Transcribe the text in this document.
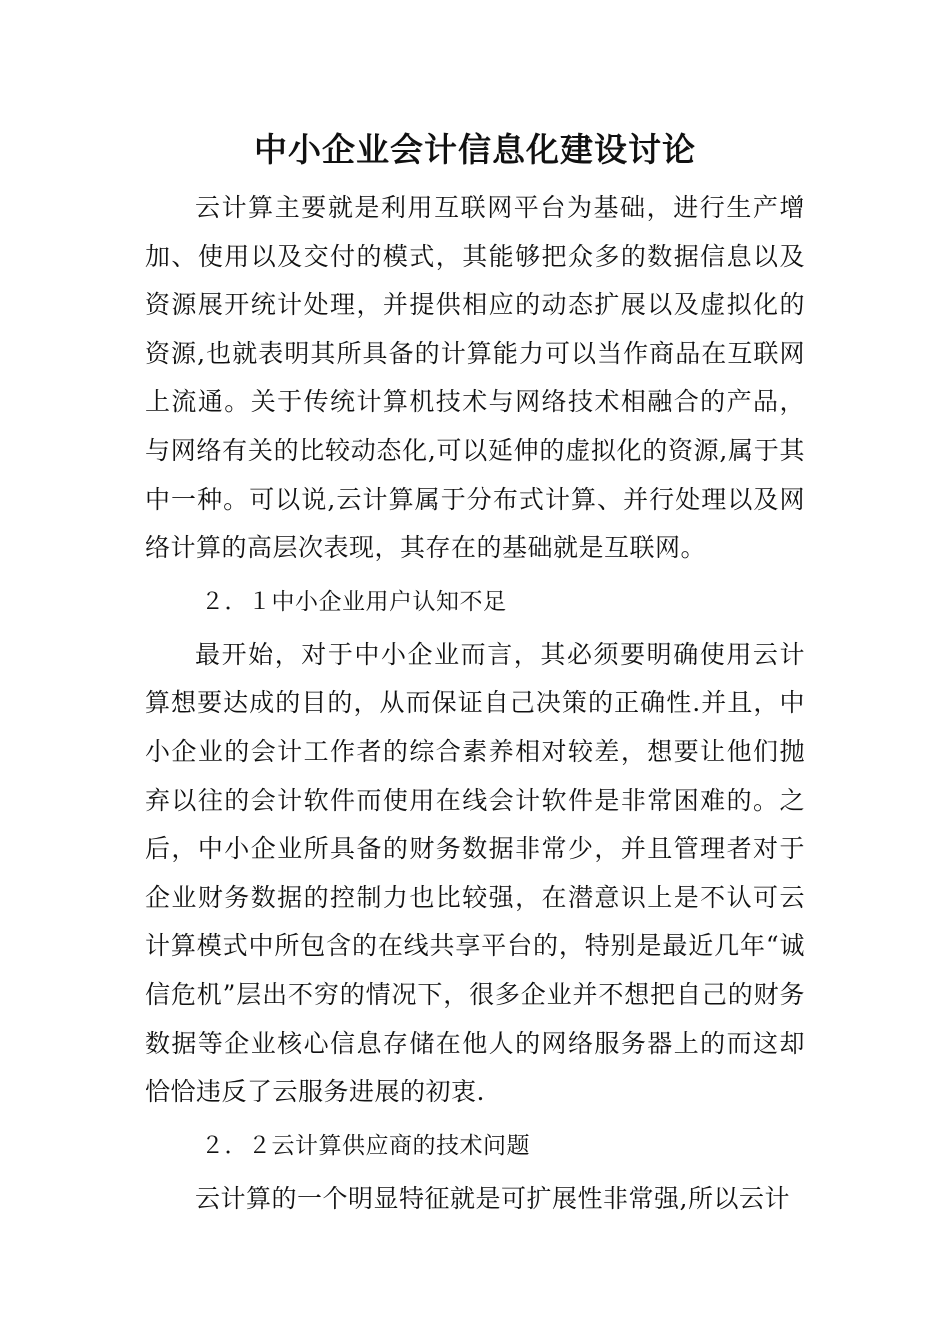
中小企业会计信息化建设讨论

云计算主要就是利用互联网平台为基础，进行生产增加、使用以及交付的模式，其能够把众多的数据信息以及资源展开统计处理，并提供相应的动态扩展以及虚拟化的资源,也就表明其所具备的计算能力可以当作商品在互联网上流通。关于传统计算机技术与网络技术相融合的产品，与网络有关的比较动态化,可以延伸的虚拟化的资源,属于其中一种。可以说,云计算属于分布式计算、并行处理以及网络计算的高层次表现，其存在的基础就是互联网。

２．１中小企业用户认知不足

最开始，对于中小企业而言，其必须要明确使用云计算想要达成的目的，从而保证自己决策的正确性.并且，中小企业的会计工作者的综合素养相对较差，想要让他们抛弃以往的会计软件而使用在线会计软件是非常困难的。之后，中小企业所具备的财务数据非常少，并且管理者对于企业财务数据的控制力也比较强，在潜意识上是不认可云计算模式中所包含的在线共享平台的，特别是最近几年“诚信危机”层出不穷的情况下，很多企业并不想把自己的财务数据等企业核心信息存储在他人的网络服务器上的而这却恰恰违反了云服务进展的初衷.

２．２云计算供应商的技术问题

云计算的一个明显特征就是可扩展性非常强,所以云计
